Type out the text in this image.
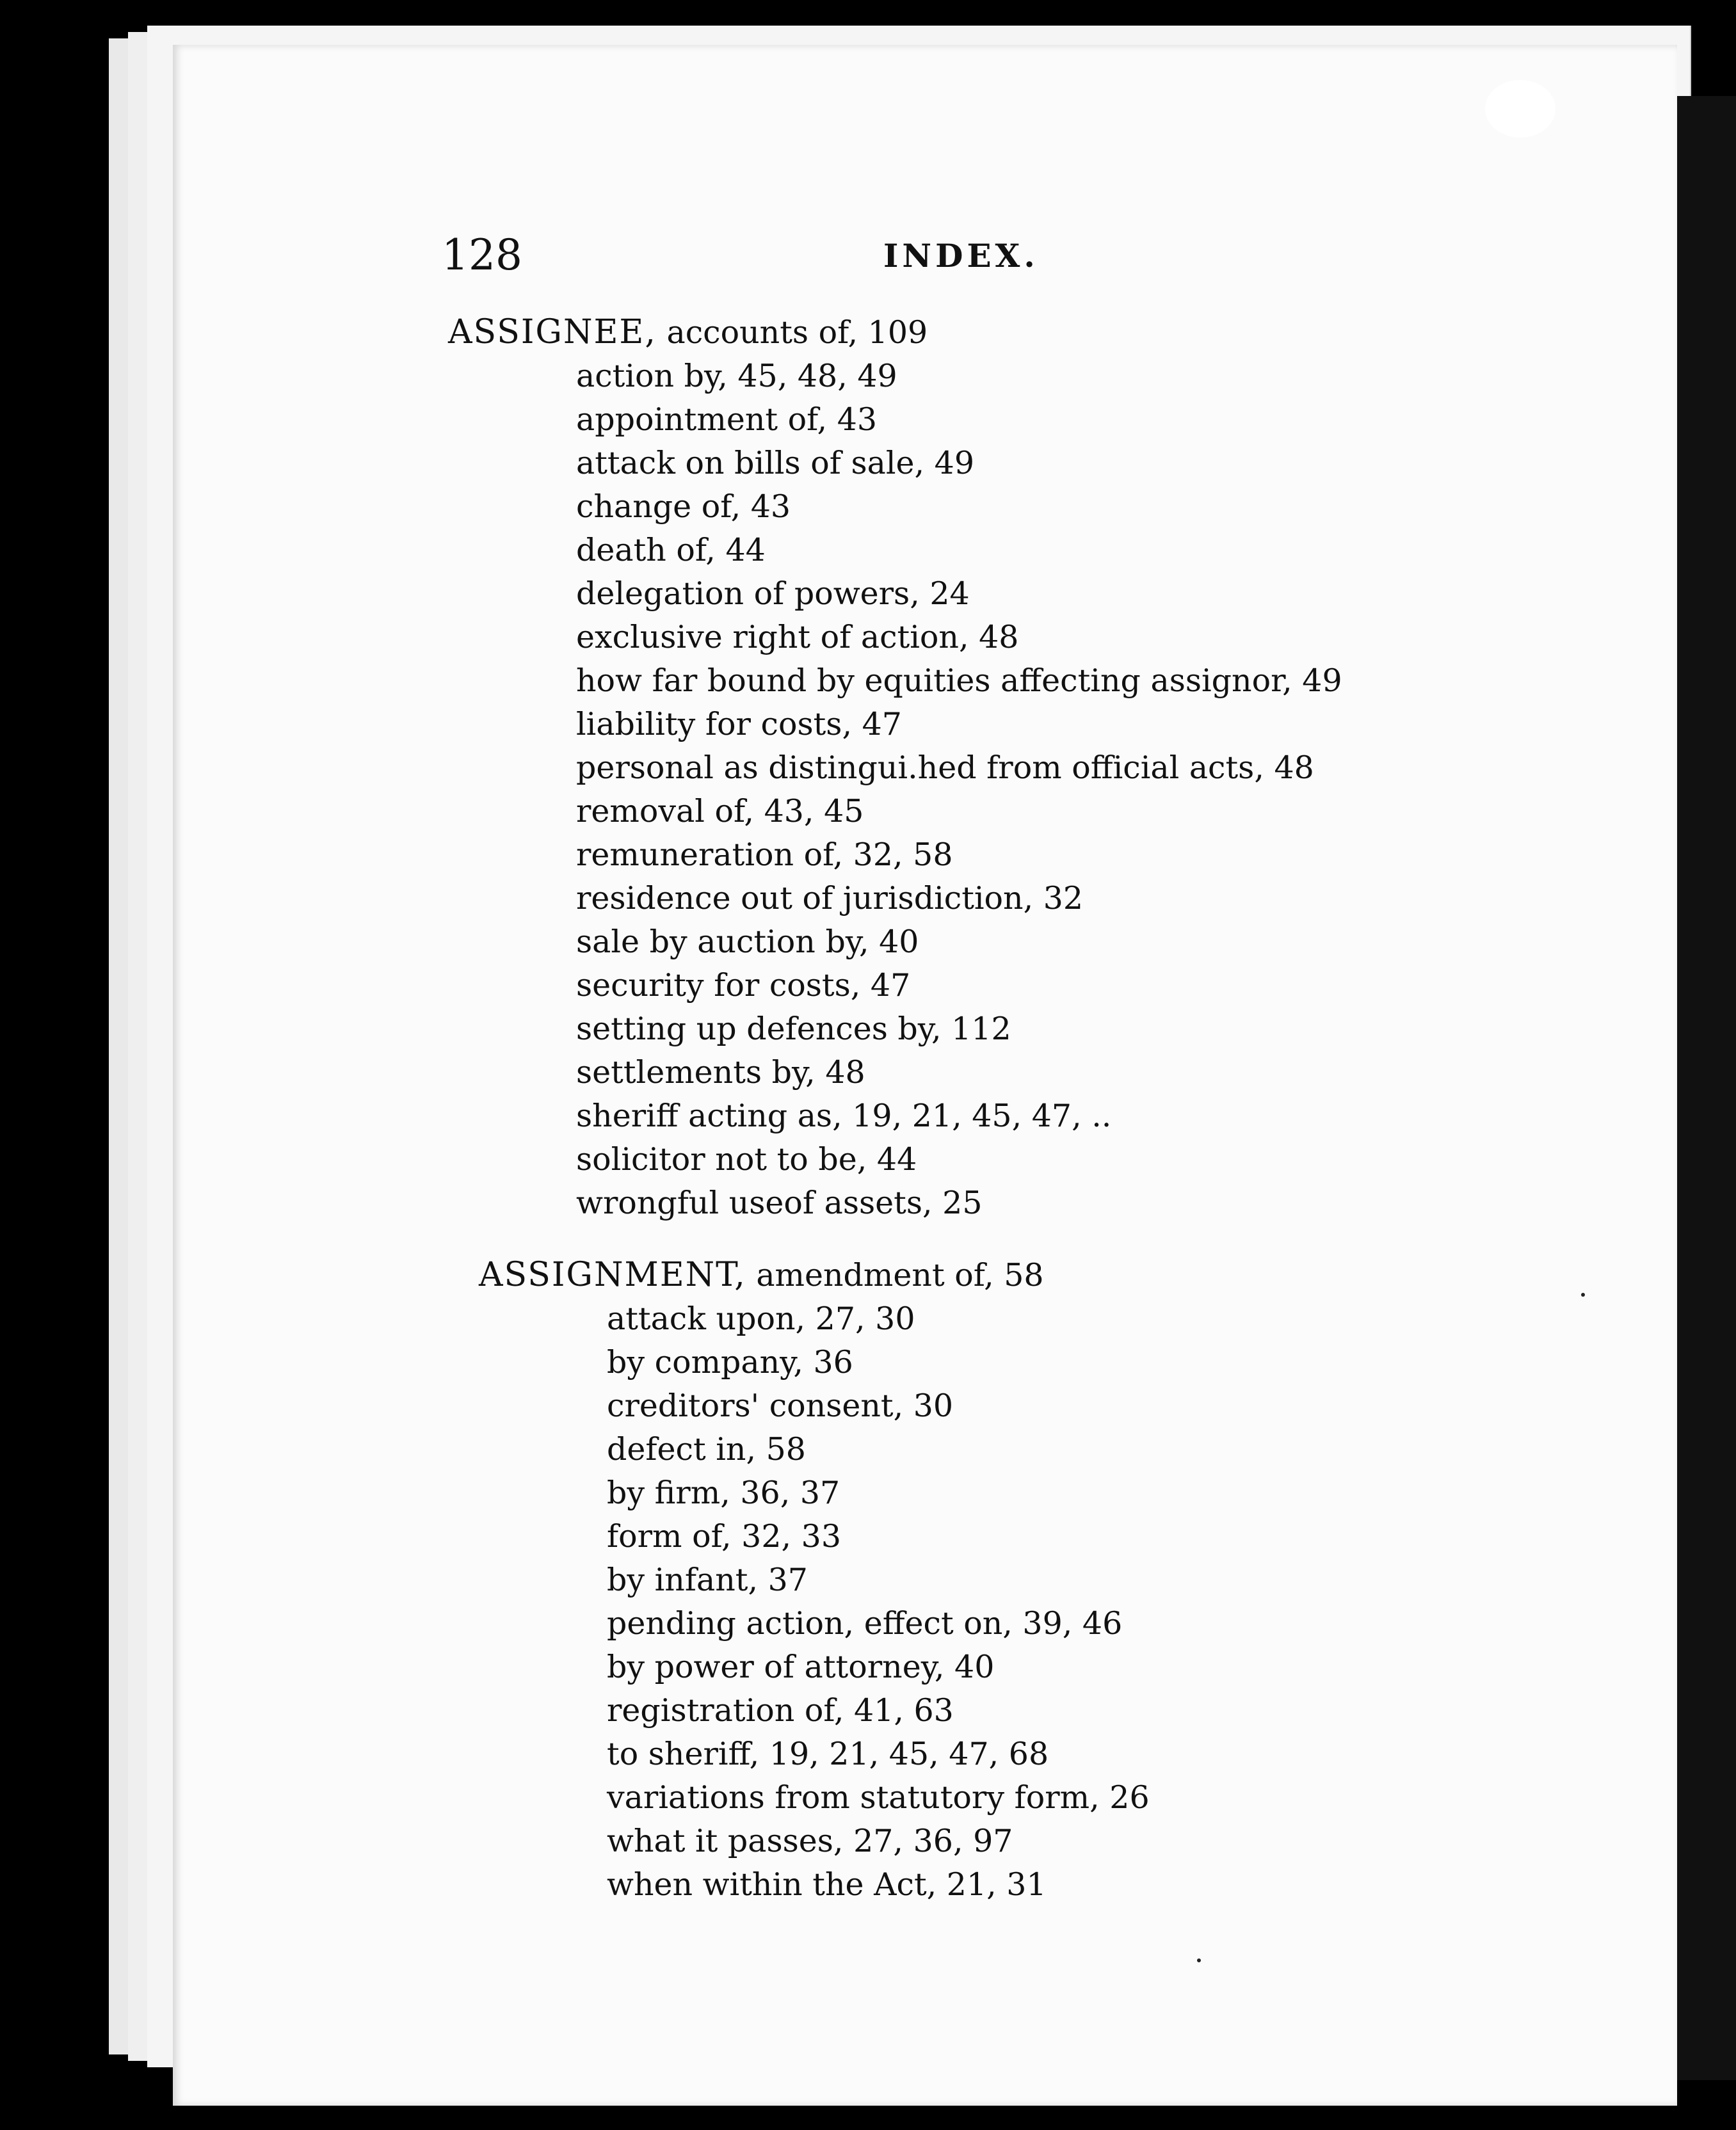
128	INDEX.
ASSIGNEE, accounts of, 109
action by, 45, 48, 49
appointment of, 43
attack on bills of sale, 49
change of, 43
death of, 44
delegation of powers, 24
exclusive right of action, 48
how far bound by equities affecting assignor, 49
liability for costs, 47
personal as distingui.hed from official acts, 48
removal of, 43, 45
remuneration of, 32, 58
residence out of jurisdiction, 32
sale by auction by, 40
security for costs, 47
setting up defences by, 112
settlements by, 48
sheriff acting as, 19, 21, 45, 47, ..
solicitor not to be, 44
wrongful useof assets, 25
ASSIGNMENT, amendment of, 58
attack upon, 27, 30
by company, 36
creditors' consent, 30
defect in, 58
by firm, 36, 37
form of, 32, 33
by infant, 37
pending action, effect on, 39, 46
by power of attorney, 40
registration of, 41, 63
to sheriff, 19, 21, 45, 47, 68
variations from statutory form, 26
what it passes, 27, 36, 97
when within the Act, 21, 31
